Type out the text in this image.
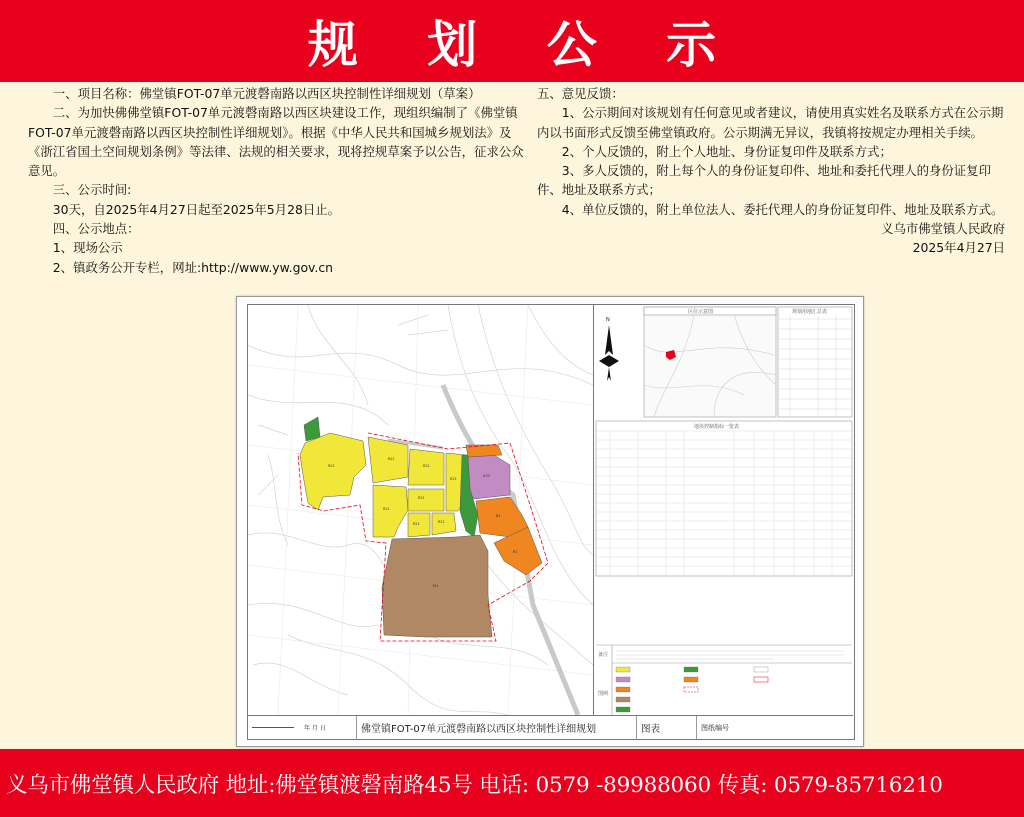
规 划 公 示

一、项目名称：佛堂镇FOT-07单元渡磬南路以西区块控制性详细规划（草案）

二、为加快佛佛堂镇FOT-07单元渡磬南路以西区块建设工作，现组织编制了《佛堂镇FOT-07单元渡磬南路以西区块控制性详细规划》。根据《中华人民共和国城乡规划法》及《浙江省国土空间规划条例》等法律、法规的相关要求，现将控规草案予以公告，征求公众意见。

三、公示时间:

30天，自2025年4月27日起至2025年5月28日止。

四、公示地点：

1、现场公示

2、镇政务公开专栏，网址:http://www.yw.gov.cn

五、意见反馈：

1、公示期间对该规划有任何意见或者建议，请使用真实姓名及联系方式在公示期内以书面形式反馈至佛堂镇政府。公示期满无异议，我镇将按规定办理相关手续。

2、个人反馈的，附上个人地址、身份证复印件及联系方式；

3、多人反馈的，附上每个人的身份证复印件、地址和委托代理人的身份证复印件、地址及联系方式；

4、单位反馈的，附上单位法人、委托代理人的身份证复印件、地址及联系方式。

义乌市佛堂镇人民政府

2025年4月27日

R21
R21
R21
R21
R21
R21	R21
R21
A33
B1
B1
M1
N
区位示意图	规划用地汇总表
地块控制指标一览表
备注
图例
年 月 日	佛堂镇FOT-07单元渡磬南路以西区块控制性详细规划	图表	图纸编号
义乌市佛堂镇人民政府 地址:佛堂镇渡磬南路45号 电话: 0579 -89988060 传真: 0579-85716210
